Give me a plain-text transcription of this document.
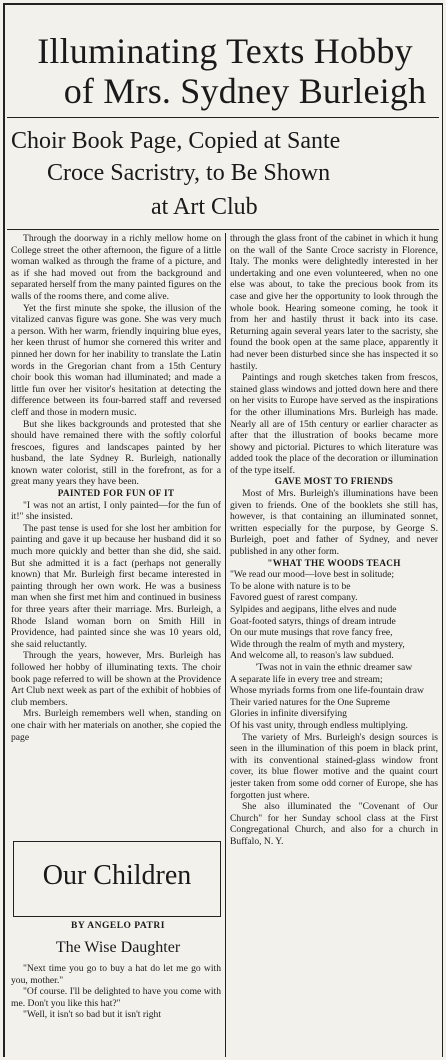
Illuminating Texts Hobby
of Mrs. Sydney Burleigh
Choir Book Page, Copied at Sante
Croce Sacristry, to Be Shown
at Art Club

Through the doorway in a richly mellow home on College street the other afternoon, the figure of a little woman walked as through the frame of a picture, and as if she had moved out from the background and separated herself from the many painted figures on the walls of the rooms there, and come alive.

Yet the first minute she spoke, the illusion of the vitalized canvas figure was gone. She was very much a person. With her warm, friendly inquiring blue eyes, her keen thrust of humor she cornered this writer and pinned her down for her inability to translate the Latin words in the Gregorian chant from a 15th Century choir book this woman had illuminated; and made a little fun over her visitor's hesitation at detecting the difference between its four-barred staff and reversed cleff and those in modern music.

But she likes backgrounds and protested that she should have remained there with the softly colorful frescoes, figures and landscapes painted by her husband, the late Sydney R. Burleigh, nationally known water colorist, still in the forefront, as for a great many years they have been.

PAINTED FOR FUN OF IT

"I was not an artist, I only painted—for the fun of it!" she insisted.

The past tense is used for she lost her ambition for painting and gave it up because her husband did it so much more quickly and better than she did, she said. But she admitted it is a fact (perhaps not generally known) that Mr. Burleigh first became interested in painting through her own work. He was a business man when she first met him and continued in business for three years after their marriage. Mrs. Burleigh, a Rhode Island woman born on Smith Hill in Providence, had painted since she was 10 years old, she said reluctantly.

Through the years, however, Mrs. Burleigh has followed her hobby of illuminating texts. The choir book page referred to will be shown at the Providence Art Club next week as part of the exhibit of hobbies of club members.

Mrs. Burleigh remembers well when, standing on one chair with her materials on another, she copied the page

Our Children
BY ANGELO PATRI
The Wise Daughter

"Next time you go to buy a hat do let me go with you, mother."

"Of course. I'll be delighted to have you come with me. Don't you like this hat?"

"Well, it isn't so bad but it isn't right

through the glass front of the cabinet in which it hung on the wall of the Sante Croce sacristy in Florence, Italy. The monks were delightedly interested in her undertaking and one even volunteered, when no one else was about, to take the precious book from its case and give her the opportunity to look through the whole book. Hearing someone coming, he took it from her and hastily thrust it back into its case. Returning again several years later to the sacristy, she found the book open at the same place, apparently it had never been disturbed since she has inspected it so hastily.

Paintings and rough sketches taken from frescos, stained glass windows and jotted down here and there on her visits to Europe have served as the inspirations for the other illuminations Mrs. Burleigh has made. Nearly all are of 15th century or earlier character as after that the illustration of books became more showy and pictorial. Pictures to which literature was added took the place of the decoration or illumination of the type itself.

GAVE MOST TO FRIENDS

Most of Mrs. Burleigh's illuminations have been given to friends. One of the booklets she still has, however, is that containing an illuminated sonnet, written especially for the purpose, by George S. Burleigh, poet and father of Sydney, and never published in any other form.

"WHAT THE WOODS TEACH

"We read our mood—love best in solitude;

To be alone with nature is to be

Favored guest of rarest company.

Sylpides and aegipans, lithe elves and nude

Goat-footed satyrs, things of dream intrude

On our mute musings that rove fancy free,

Wide through the realm of myth and mystery,

And welcome all, to reason's law subdued.

'Twas not in vain the ethnic dreamer saw

A separate life in every tree and stream;

Whose myriads forms from one life-fountain draw

Their varied natures for the One Supreme

Glories in infinite diversifying

Of his vast unity, through endless multiplying.

The variety of Mrs. Burleigh's design sources is seen in the illumination of this poem in black print, with its conventional stained-glass window front cover, its blue flower motive and the quaint court jester taken from some odd corner of Europe, she has forgotten just where.

She also illuminated the "Covenant of Our Church" for her Sunday school class at the First Congregational Church, and also for a church in Buffalo, N. Y.
